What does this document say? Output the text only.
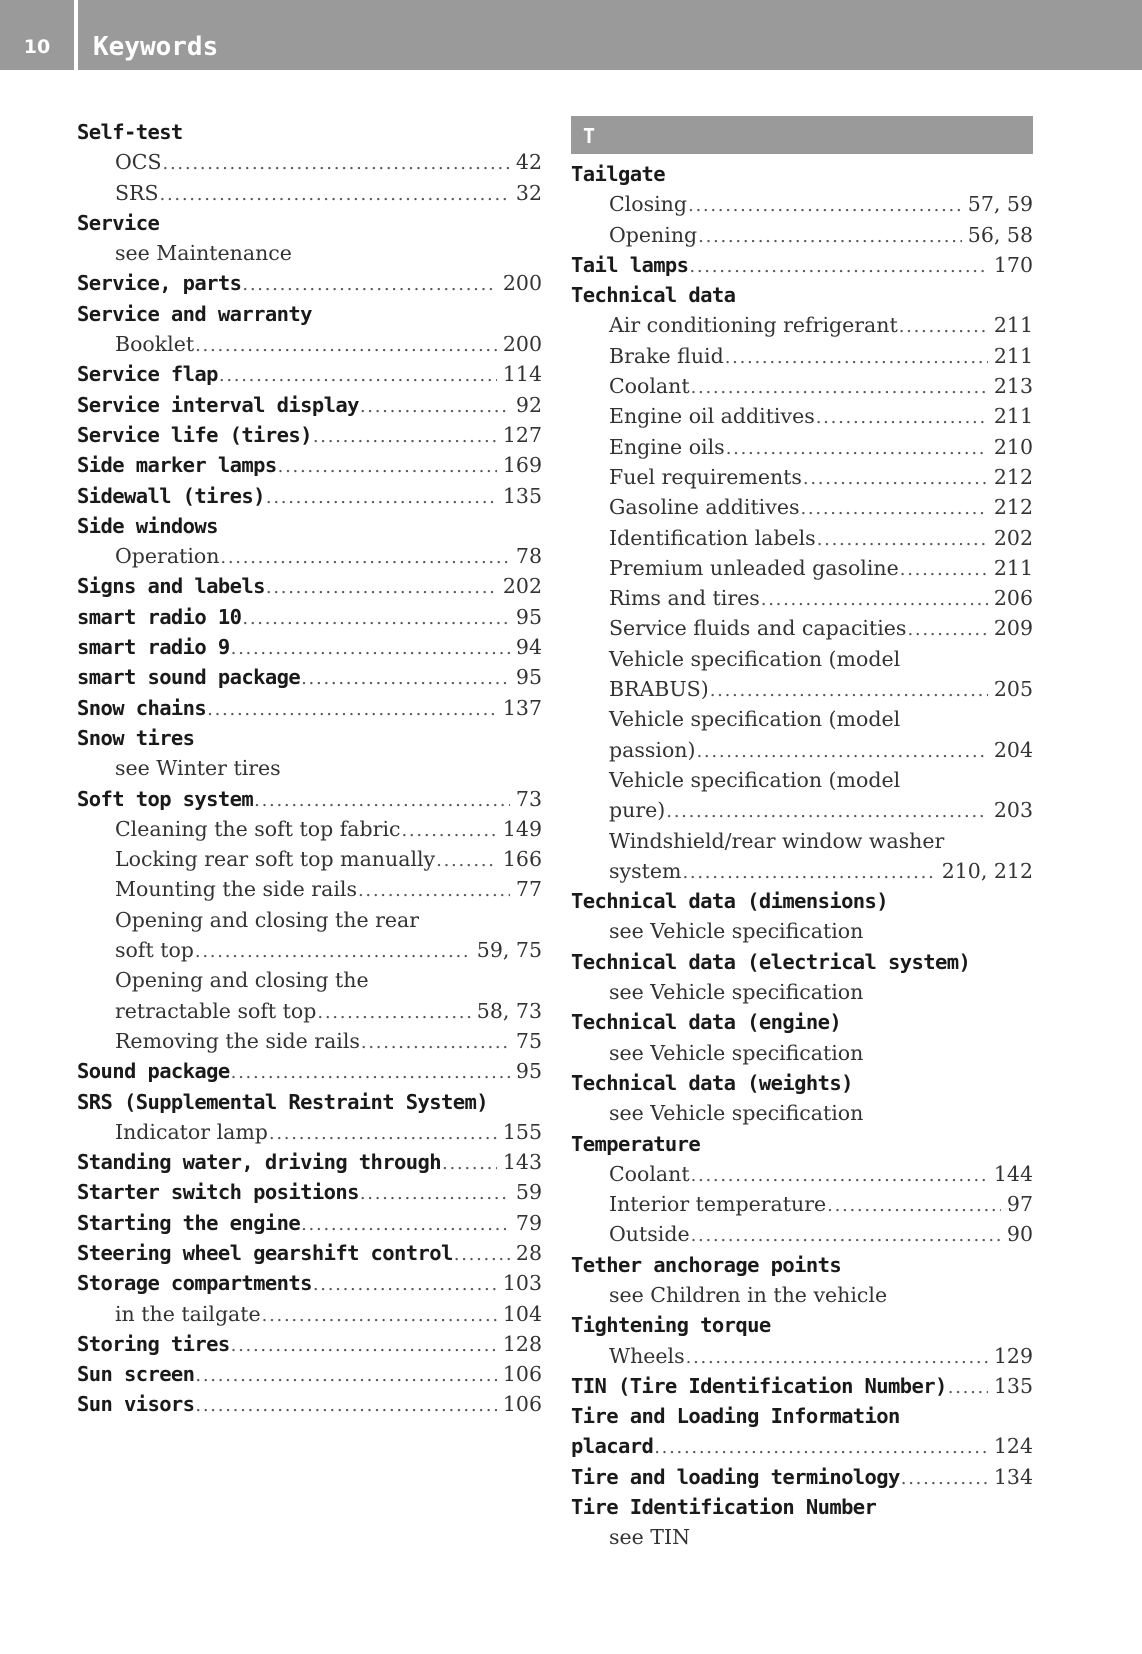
10	Keywords
Self-test
OCS . . .	42
SRS . . .	32
Service
see Maintenance
Service, parts . . .	200
Service and warranty
Booklet . . .	200
Service flap . . .	114
Service interval display . . .	92
Service life (tires) . . .	127
Side marker lamps . . .	169
Sidewall (tires) . . .	135
Side windows
Operation . . .	78
Signs and labels . . .	202
smart radio 10 . . .	95
smart radio 9 . . .	94
smart sound package . . .	95
Snow chains . . .	137
Snow tires
see Winter tires
Soft top system . . .	73
Cleaning the soft top fabric . . .	149
Locking rear soft top manually . . .	166
Mounting the side rails . . .	77
Opening and closing the rear
soft top . . .	59, 75
Opening and closing the
retractable soft top . . .	58, 73
Removing the side rails . . .	75
Sound package . . .	95
SRS (Supplemental Restraint System)
Indicator lamp . . .	155
Standing water, driving through . . .	143
Starter switch positions . . .	59
Starting the engine . . .	79
Steering wheel gearshift control . . .	28
Storage compartments . . .	103
in the tailgate . . .	104
Storing tires . . .	128
Sun screen . . .	106
Sun visors . . .	106
T
Tailgate
Closing . . .	57, 59
Opening . . .	56, 58
Tail lamps . . .	170
Technical data
Air conditioning refrigerant . . .	211
Brake fluid . . .	211
Coolant . . .	213
Engine oil additives . . .	211
Engine oils . . .	210
Fuel requirements . . .	212
Gasoline additives . . .	212
Identification labels . . .	202
Premium unleaded gasoline . . .	211
Rims and tires . . .	206
Service fluids and capacities . . .	209
Vehicle specification (model
BRABUS) . . .	205
Vehicle specification (model
passion) . . .	204
Vehicle specification (model
pure) . . .	203
Windshield/rear window washer
system . . .	210, 212
Technical data (dimensions)
see Vehicle specification
Technical data (electrical system)
see Vehicle specification
Technical data (engine)
see Vehicle specification
Technical data (weights)
see Vehicle specification
Temperature
Coolant . . .	144
Interior temperature . . .	97
Outside . . .	90
Tether anchorage points
see Children in the vehicle
Tightening torque
Wheels . . .	129
TIN (Tire Identification Number) . . . 135
Tire and Loading Information
placard . . .	124
Tire and loading terminology . . .	134
Tire Identification Number
see TIN
